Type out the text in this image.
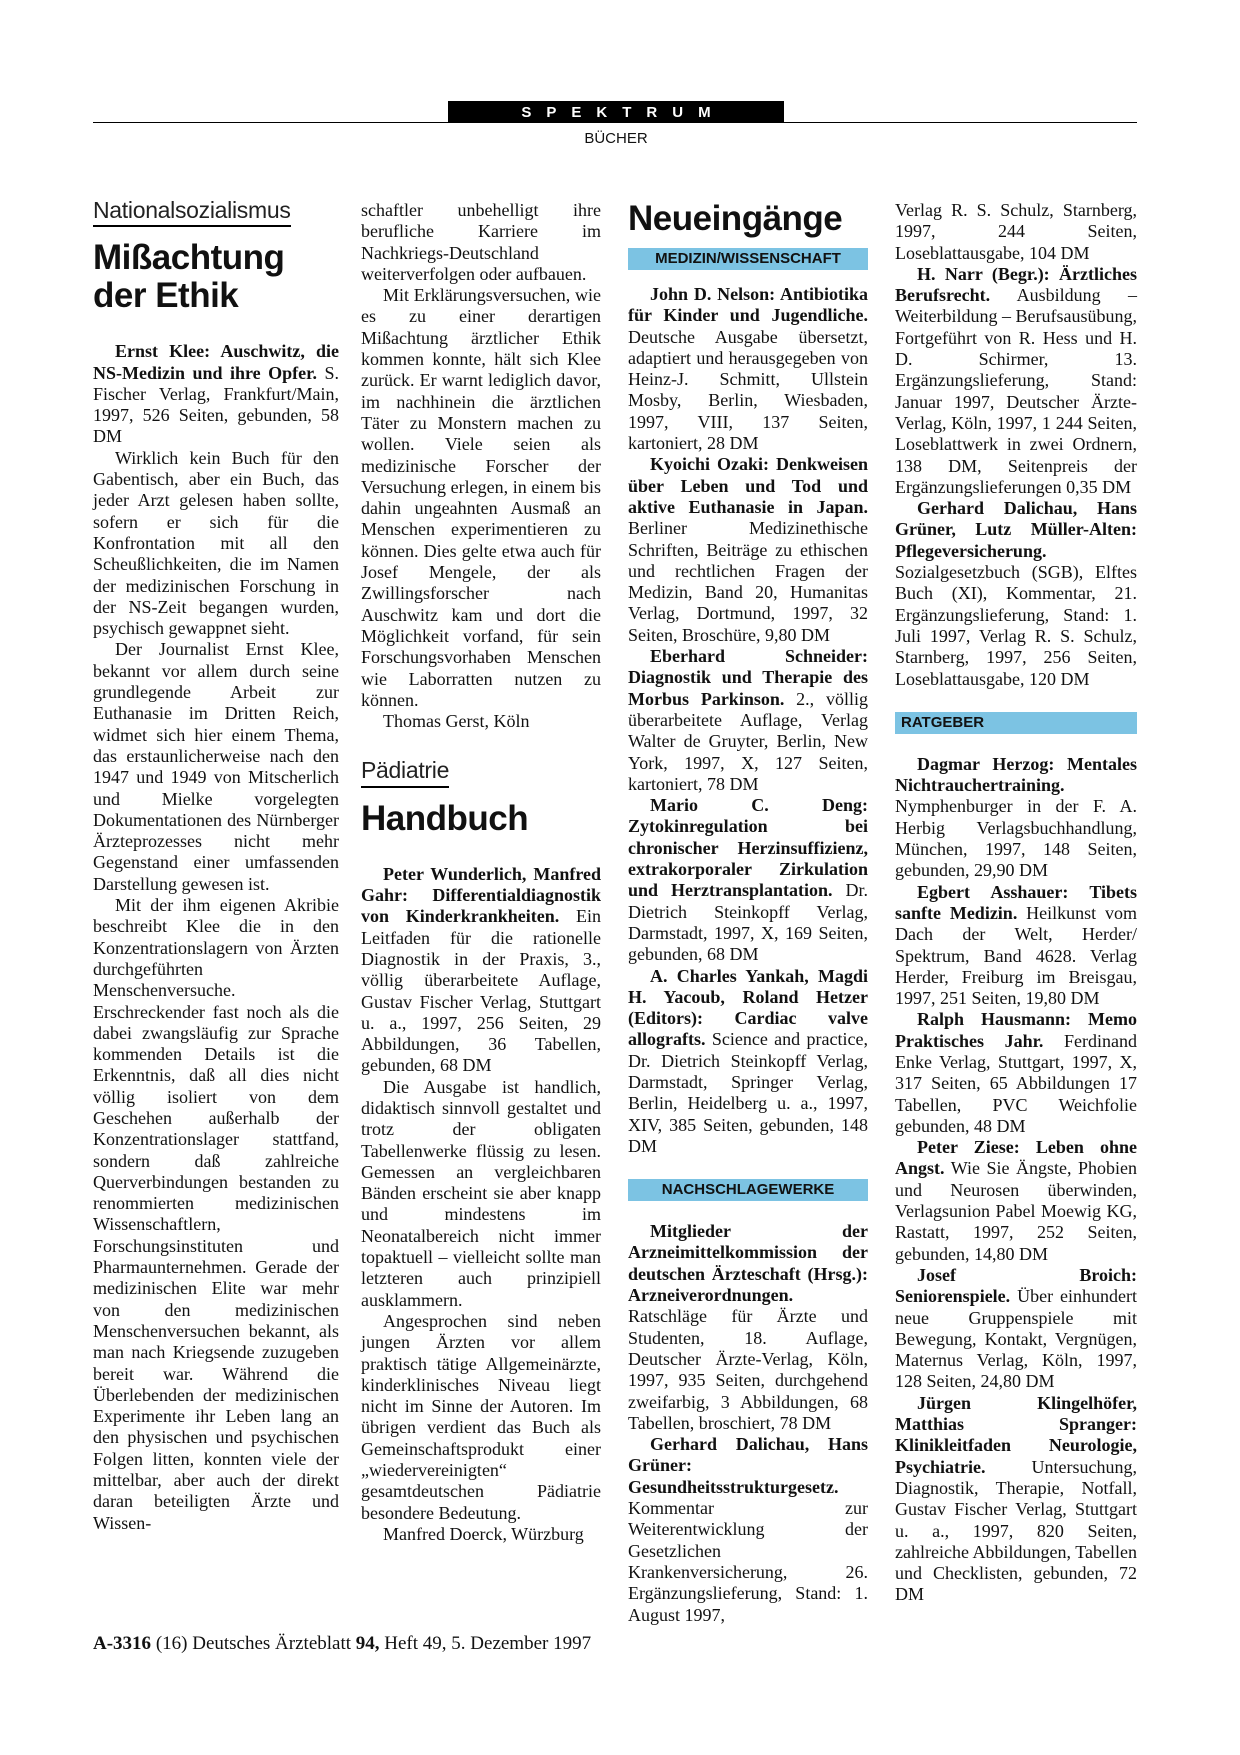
SPEKTRUM
BÜCHER
Nationalsozialismus
Mißachtung der Ethik

Ernst Klee: Auschwitz, die NS-Medizin und ihre Opfer. S. Fischer Verlag, Frankfurt/Main, 1997, 526 Seiten, gebunden, 58 DM

Wirklich kein Buch für den Gabentisch, aber ein Buch, das jeder Arzt gelesen haben sollte, sofern er sich für die Konfrontation mit all den Scheußlichkeiten, die im Namen der medizinischen Forschung in der NS-Zeit begangen wurden, psychisch gewappnet sieht.

Der Journalist Ernst Klee, bekannt vor allem durch seine grundlegende Arbeit zur Euthanasie im Dritten Reich, widmet sich hier einem Thema, das erstaunlicherweise nach den 1947 und 1949 von Mitscherlich und Mielke vorgelegten Dokumentationen des Nürnberger Ärzteprozesses nicht mehr Gegenstand einer umfassenden Darstellung gewesen ist.

Mit der ihm eigenen Akribie beschreibt Klee die in den Konzentrationslagern von Ärzten durchgeführten Menschenversuche. Erschreckender fast noch als die dabei zwangsläufig zur Sprache kommenden Details ist die Erkenntnis, daß all dies nicht völlig isoliert von dem Geschehen außerhalb der Konzentrationslager stattfand, sondern daß zahlreiche Querverbindungen bestanden zu renommierten medizinischen Wissenschaftlern, Forschungsinstituten und Pharmaunternehmen. Gerade der medizinischen Elite war mehr von den medizinischen Menschenversuchen bekannt, als man nach Kriegsende zuzugeben bereit war. Während die Überlebenden der medizinischen Experimente ihr Leben lang an den physischen und psychischen Folgen litten, konnten viele der mittelbar, aber auch der direkt daran beteiligten Ärzte und Wissen-

schaftler unbehelligt ihre berufliche Karriere im Nachkriegs-Deutschland weiterverfolgen oder aufbauen.

Mit Erklärungsversuchen, wie es zu einer derartigen Mißachtung ärztlicher Ethik kommen konnte, hält sich Klee zurück. Er warnt lediglich davor, im nachhinein die ärztlichen Täter zu Monstern machen zu wollen. Viele seien als medizinische Forscher der Versuchung erlegen, in einem bis dahin ungeahnten Ausmaß an Menschen experimentieren zu können. Dies gelte etwa auch für Josef Mengele, der als Zwillingsforscher nach Auschwitz kam und dort die Möglichkeit vorfand, für sein Forschungsvorhaben Menschen wie Laborratten nutzen zu können.

Thomas Gerst, Köln

Pädiatrie
Handbuch

Peter Wunderlich, Manfred Gahr: Differentialdiagnostik von Kinderkrankheiten. Ein Leitfaden für die rationelle Diagnostik in der Praxis, 3., völlig überarbeitete Auflage, Gustav Fischer Verlag, Stuttgart u. a., 1997, 256 Seiten, 29 Abbildungen, 36 Tabellen, gebunden, 68 DM

Die Ausgabe ist handlich, didaktisch sinnvoll gestaltet und trotz der obligaten Tabellenwerke flüssig zu lesen. Gemessen an vergleichbaren Bänden erscheint sie aber knapp und mindestens im Neonatalbereich nicht immer topaktuell – vielleicht sollte man letzteren auch prinzipiell ausklammern.

Angesprochen sind neben jungen Ärzten vor allem praktisch tätige Allgemeinärzte, kinderklinisches Niveau liegt nicht im Sinne der Autoren. Im übrigen verdient das Buch als Gemeinschaftsprodukt einer „wiedervereinigten“ gesamtdeutschen Pädiatrie besondere Bedeutung.

Manfred Doerck, Würzburg

Neueingänge
MEDIZIN/WISSENSCHAFT

John D. Nelson: Antibiotika für Kinder und Jugendliche. Deutsche Ausgabe übersetzt, adaptiert und herausgegeben von Heinz-J. Schmitt, Ullstein Mosby, Berlin, Wiesbaden, 1997, VIII, 137 Seiten, kartoniert, 28 DM

Kyoichi Ozaki: Denkweisen über Leben und Tod und aktive Euthanasie in Japan. Berliner Medizinethische Schriften, Beiträge zu ethischen und rechtlichen Fragen der Medizin, Band 20, Humanitas Verlag, Dortmund, 1997, 32 Seiten, Broschüre, 9,80 DM

Eberhard Schneider: Diagnostik und Therapie des Morbus Parkinson. 2., völlig überarbeitete Auflage, Verlag Walter de Gruyter, Berlin, New York, 1997, X, 127 Seiten, kartoniert, 78 DM

Mario C. Deng: Zytokinregulation bei chronischer Herzinsuffizienz, extrakorporaler Zirkulation und Herztransplantation. Dr. Dietrich Steinkopff Verlag, Darmstadt, 1997, X, 169 Seiten, gebunden, 68 DM

A. Charles Yankah, Magdi H. Yacoub, Roland Hetzer (Editors): Cardiac valve allografts. Science and practice, Dr. Dietrich Steinkopff Verlag, Darmstadt, Springer Verlag, Berlin, Heidelberg u. a., 1997, XIV, 385 Seiten, gebunden, 148 DM

NACHSCHLAGEWERKE

Mitglieder der Arzneimittelkommission der deutschen Ärzteschaft (Hrsg.): Arzneiverordnungen. Ratschläge für Ärzte und Studenten, 18. Auflage, Deutscher Ärzte-Verlag, Köln, 1997, 935 Seiten, durchgehend zweifarbig, 3 Abbildungen, 68 Tabellen, broschiert, 78 DM

Gerhard Dalichau, Hans Grüner: Gesundheitsstrukturgesetz. Kommentar zur Weiterentwicklung der Gesetzlichen Krankenversicherung, 26. Ergänzungslieferung, Stand: 1. August 1997,

Verlag R. S. Schulz, Starnberg, 1997, 244 Seiten, Loseblattausgabe, 104 DM

H. Narr (Begr.): Ärztliches Berufsrecht. Ausbildung – Weiterbildung – Berufsausübung, Fortgeführt von R. Hess und H. D. Schirmer, 13. Ergänzungslieferung, Stand: Januar 1997, Deutscher Ärzte-Verlag, Köln, 1997, 1 244 Seiten, Loseblattwerk in zwei Ordnern, 138 DM, Seitenpreis der Ergänzungslieferungen 0,35 DM

Gerhard Dalichau, Hans Grüner, Lutz Müller-Alten: Pflegeversicherung. Sozialgesetzbuch (SGB), Elftes Buch (XI), Kommentar, 21. Ergänzungslieferung, Stand: 1. Juli 1997, Verlag R. S. Schulz, Starnberg, 1997, 256 Seiten, Loseblattausgabe, 120 DM

RATGEBER

Dagmar Herzog: Mentales Nichtrauchertraining. Nymphenburger in der F. A. Herbig Verlagsbuchhandlung, München, 1997, 148 Seiten, gebunden, 29,90 DM

Egbert Asshauer: Tibets sanfte Medizin. Heilkunst vom Dach der Welt, Herder/ Spektrum, Band 4628. Verlag Herder, Freiburg im Breisgau, 1997, 251 Seiten, 19,80 DM

Ralph Hausmann: Memo Praktisches Jahr. Ferdinand Enke Verlag, Stuttgart, 1997, X, 317 Seiten, 65 Abbildungen 17 Tabellen, PVC Weichfolie gebunden, 48 DM

Peter Ziese: Leben ohne Angst. Wie Sie Ängste, Phobien und Neurosen überwinden, Verlagsunion Pabel Moewig KG, Rastatt, 1997, 252 Seiten, gebunden, 14,80 DM

Josef Broich: Seniorenspiele. Über einhundert neue Gruppenspiele mit Bewegung, Kontakt, Vergnügen, Maternus Verlag, Köln, 1997, 128 Seiten, 24,80 DM

Jürgen Klingelhöfer, Matthias Spranger: Klinikleitfaden Neurologie, Psychiatrie. Untersuchung, Diagnostik, Therapie, Notfall, Gustav Fischer Verlag, Stuttgart u. a., 1997, 820 Seiten, zahlreiche Abbildungen, Tabellen und Checklisten, gebunden, 72 DM

A-3316 (16) Deutsches Ärzteblatt 94, Heft 49, 5. Dezember 1997
